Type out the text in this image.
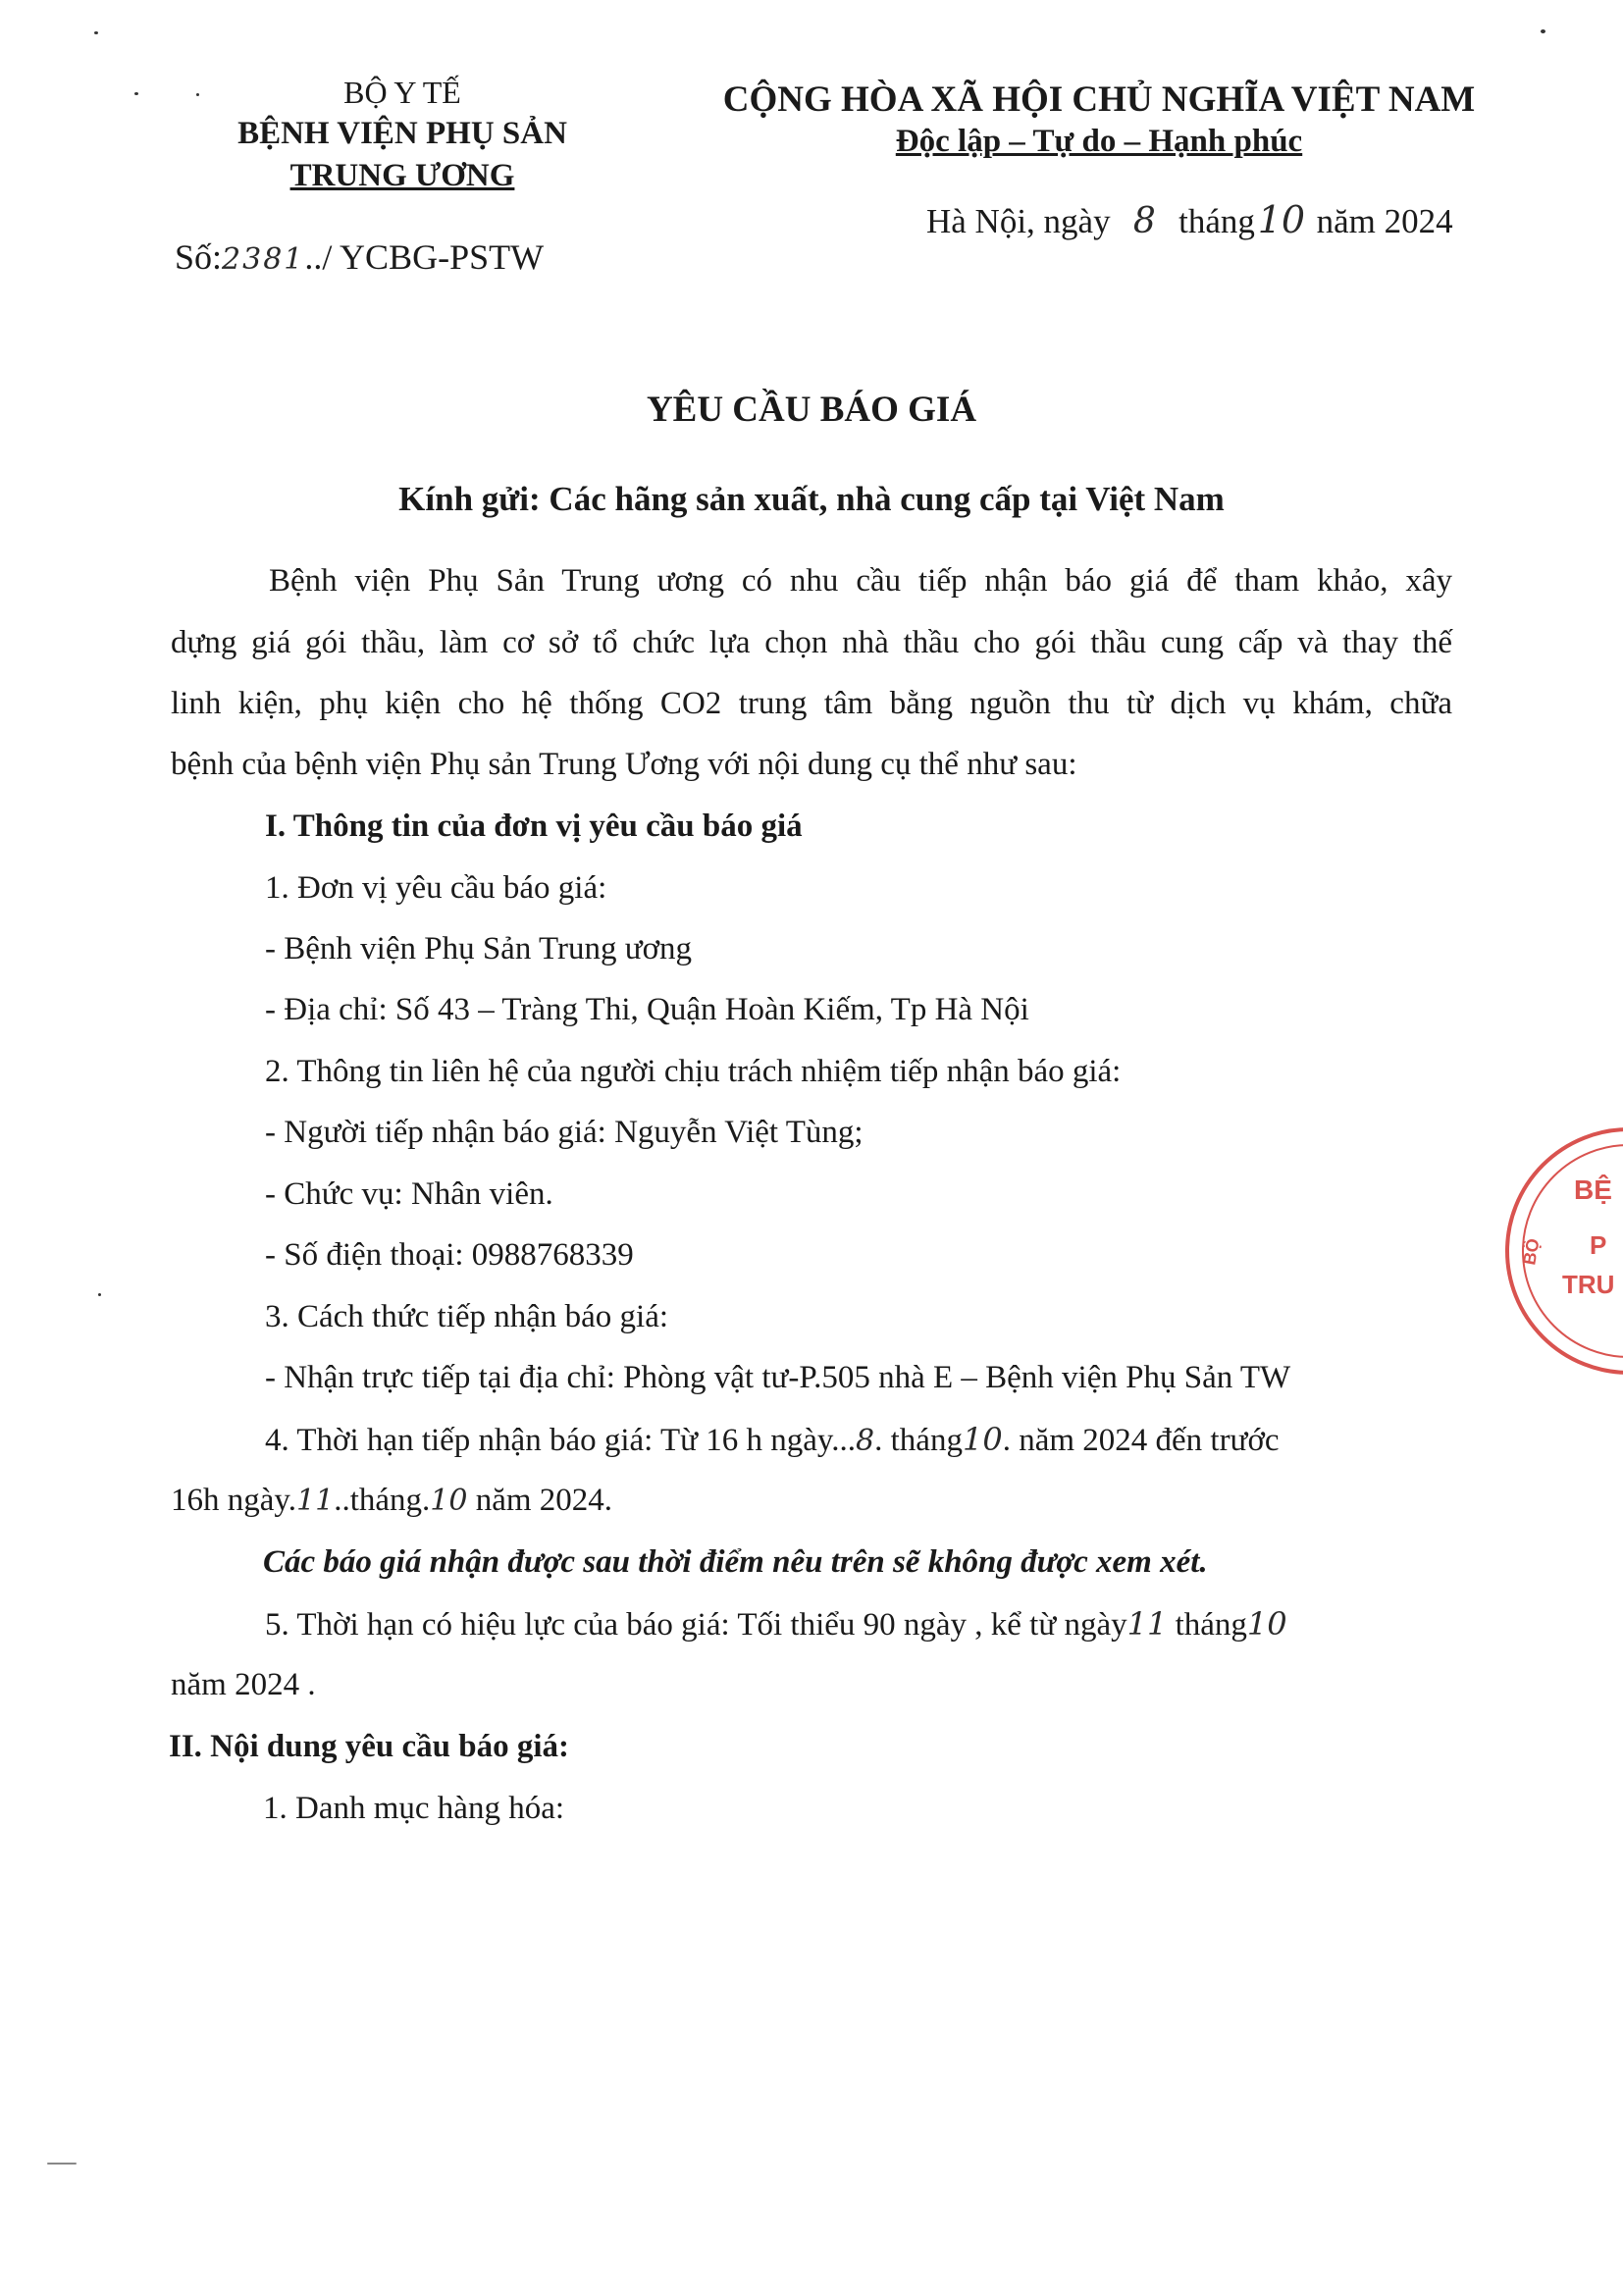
BỘ Y TẾ
BỆNH VIỆN PHỤ SẢN
TRUNG ƯƠNG
Số:2381../ YCBG-PSTW
CỘNG HÒA XÃ HỘI CHỦ NGHĨA VIỆT NAM
Độc lập – Tự do – Hạnh phúc
Hà Nội, ngày 8 tháng10 năm 2024
YÊU CẦU BÁO GIÁ
Kính gửi: Các hãng sản xuất, nhà cung cấp tại Việt Nam
Bệnh viện Phụ Sản Trung ương có nhu cầu tiếp nhận báo giá để tham khảo, xây
dựng giá gói thầu, làm cơ sở tổ chức lựa chọn nhà thầu cho gói thầu cung cấp và thay thế
linh kiện, phụ kiện cho hệ thống CO2 trung tâm bằng nguồn thu từ dịch vụ khám, chữa
bệnh của bệnh viện Phụ sản Trung Ương với nội dung cụ thể như sau:
I. Thông tin của đơn vị yêu cầu báo giá
1. Đơn vị yêu cầu báo giá:
- Bệnh viện Phụ Sản Trung ương
- Địa chỉ: Số 43 – Tràng Thi, Quận Hoàn Kiếm, Tp Hà Nội
2. Thông tin liên hệ của người chịu trách nhiệm tiếp nhận báo giá:
- Người tiếp nhận báo giá: Nguyễn Việt Tùng;
- Chức vụ: Nhân viên.
- Số điện thoại: 0988768339
3. Cách thức tiếp nhận báo giá:
- Nhận trực tiếp tại địa chỉ: Phòng vật tư-P.505 nhà E – Bệnh viện Phụ Sản TW
4. Thời hạn tiếp nhận báo giá: Từ 16 h ngày...8. tháng10. năm 2024 đến trước
16h ngày.11..tháng.10 năm 2024.
Các báo giá nhận được sau thời điểm nêu trên sẽ không được xem xét.
5. Thời hạn có hiệu lực của báo giá: Tối thiểu 90 ngày , kể từ ngày11 tháng10
năm 2024 .
II. Nội dung yêu cầu báo giá:
1. Danh mục hàng hóa:
BỆ
P
TRU
BỘ
